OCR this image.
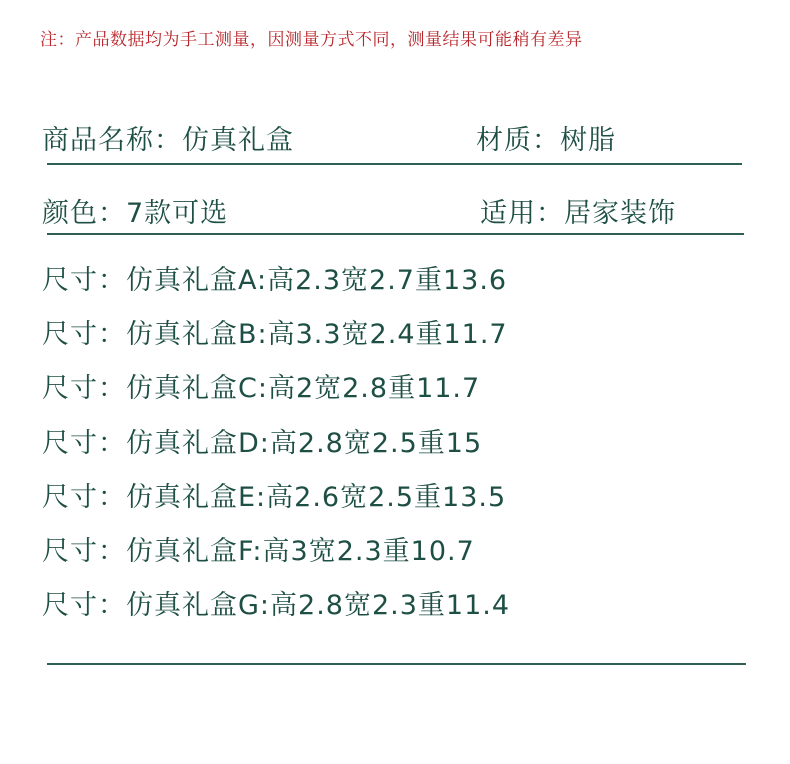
注：产品数据均为手工测量，因测量方式不同，测量结果可能稍有差异
商品名称：仿真礼盒	材质：树脂
颜色：7款可选	适用：居家装饰
尺寸：仿真礼盒A:高2.3宽2.7重13.6
尺寸：仿真礼盒B:高3.3宽2.4重11.7
尺寸：仿真礼盒C:高2宽2.8重11.7
尺寸：仿真礼盒D:高2.8宽2.5重15
尺寸：仿真礼盒E:高2.6宽2.5重13.5
尺寸：仿真礼盒F:高3宽2.3重10.7
尺寸：仿真礼盒G:高2.8宽2.3重11.4
